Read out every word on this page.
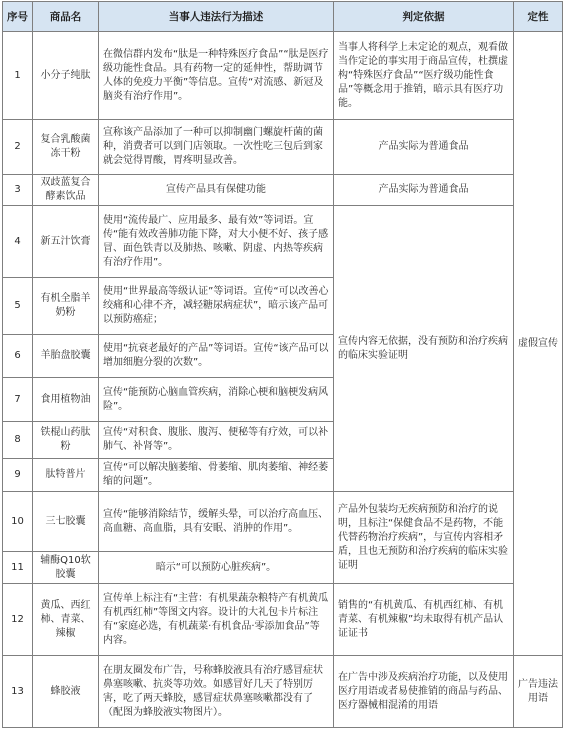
序号	商品名	当事人违法行为描述	判定依据	定性
1	小分子纯肽	在微信群内发布“肽是一种特殊医疗食品”“肽是医疗级功能性食品。具有药物一定的延伸性，帮助调节人体的免疫力平衡”等信息。宣传“对流感、新冠及脑炎有治疗作用”。	当事人将科学上未定论的观点，观看做当作定论的事实用于商品宣传，杜撰虚构“特殊医疗食品”“医疗级功能性食品”等概念用于推销，暗示具有医疗功能。	虚假宣传
2	复合乳酸菌冻干粉	宣称该产品添加了一种可以抑制幽门螺旋杆菌的菌种，消费者可以到门店领取。一次性吃三包后到家就会觉得胃酸，胃疼明显改善。	产品实际为普通食品	
3	双歧蓝复合酵素饮品	宣传产品具有保健功能	产品实际为普通食品	
4	新五汁饮膏	使用“流传最广、应用最多、最有效”等词语。宣传“能有效改善肺功能下降，对大小便不好、孩子感冒、面色铁青以及肺热、咳嗽、阴虚、内热等疾病有治疗作用”。	宣传内容无依据，没有预防和治疗疾病的临床实验证明	
5	有机全脂羊奶粉	使用“世界最高等级认证”等词语。宣传“可以改善心绞痛和心律不齐，减轻糖尿病症状”，暗示该产品可以预防癌症；		
6	羊胎盘胶囊	使用“抗衰老最好的产品”等词语。宣传“该产品可以增加细胞分裂的次数”。		
7	食用植物油	宣传“能预防心脑血管疾病，消除心梗和脑梗发病风险”。		
8	铁棍山药肽粉	宣传“对积食、腹胀、腹泻、便秘等有疗效，可以补肺气、补肾等”。		
9	肽特普片	宣传“可以解决脑萎缩、骨萎缩、肌肉萎缩、神经萎缩的问题”。		
10	三七胶囊	宣传“能够消除结节，缓解头晕，可以治疗高血压、高血糖、高血脂，具有安眠、消肿的作用”。	产品外包装均无疾病预防和治疗的说明，且标注“保健食品不是药物，不能代替药物治疗疾病”，与宣传内容相矛盾，且也无预防和治疗疾病的临床实验证明	
11	辅酶Q10软胶囊	暗示“可以预防心脏疾病”。		
12	黄瓜、西红柿、青菜、辣椒	宣传单上标注有“主营：有机果蔬杂粮特产有机黄瓜有机西红柿”等图文内容。设计的大礼包卡片标注有“家庭必选，有机蔬菜·有机食品·零添加食品”等内容。	销售的“有机黄瓜、有机西红柿、有机青菜、有机辣椒”均未取得有机产品认证证书	
13	蜂胶液	在朋友圈发布广告，号称蜂胶液具有治疗感冒症状鼻塞咳嗽、抗炎等功效。如感冒好几天了特别厉害，吃了两天蜂胶，感冒症状鼻塞咳嗽都没有了（配图为蜂胶液实物图片）。	在广告中涉及疾病治疗功能，以及使用医疗用语或者易使推销的商品与药品、医疗器械相混淆的用语	广告违法用语
